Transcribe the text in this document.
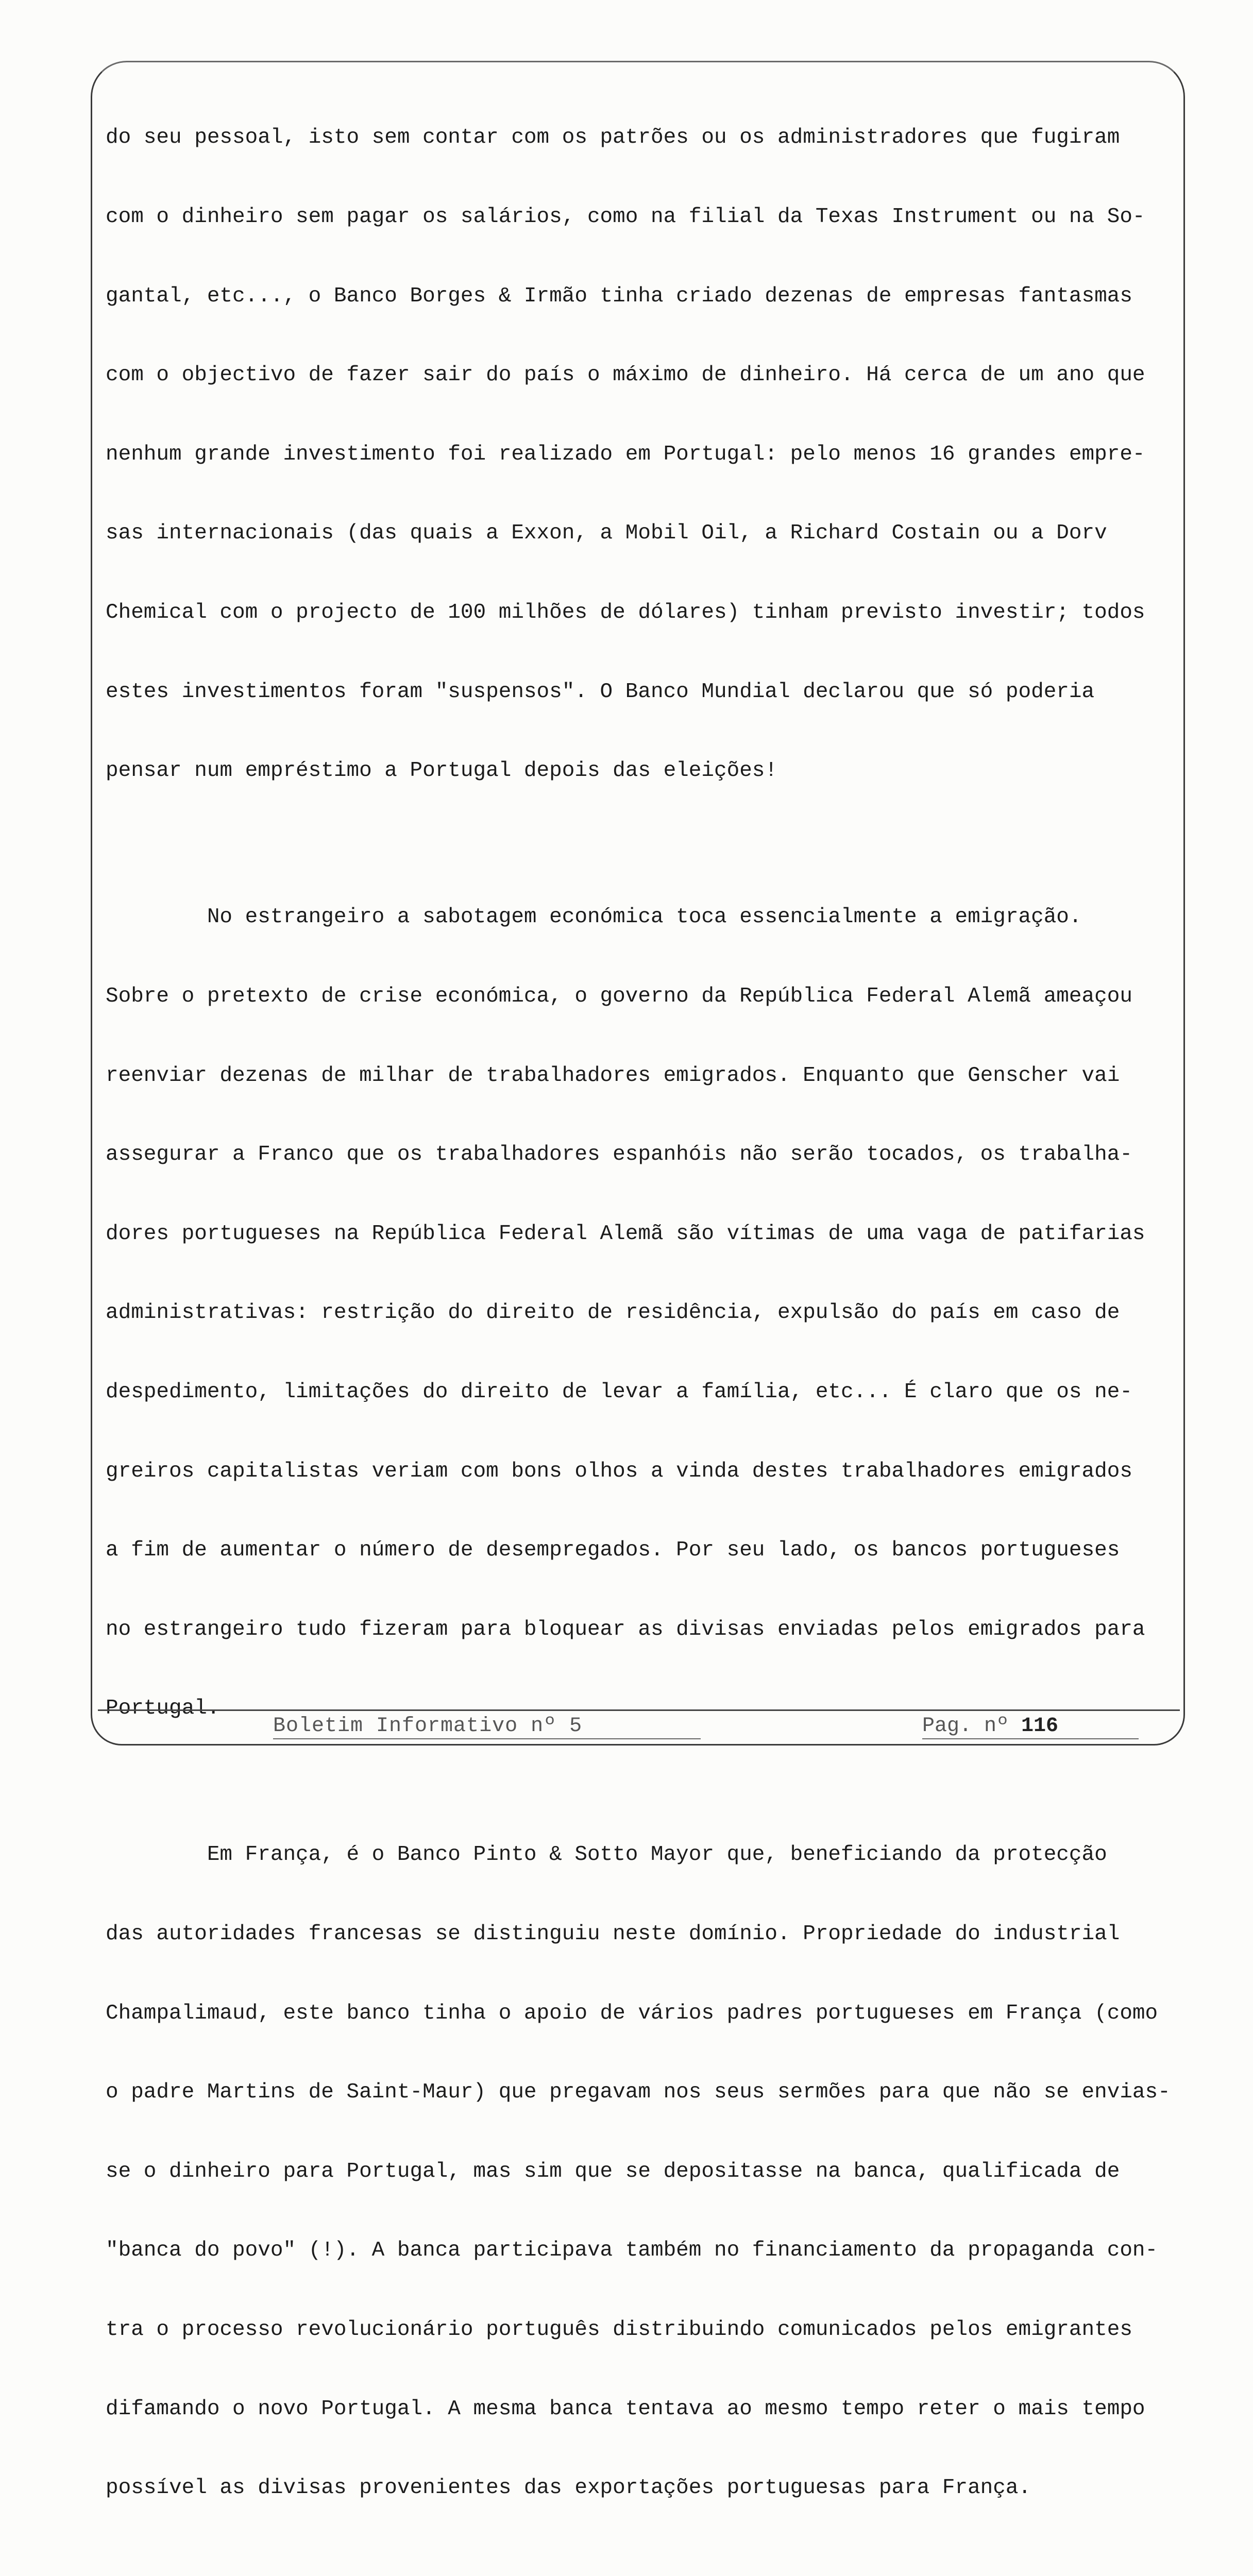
do seu pessoal, isto sem contar com os patrões ou os administradores que fugiram

com o dinheiro sem pagar os salários, como na filial da Texas Instrument ou na So-

gantal, etc..., o Banco Borges & Irmão tinha criado dezenas de empresas fantasmas

com o objectivo de fazer sair do país o máximo de dinheiro. Há cerca de um ano que

nenhum grande investimento foi realizado em Portugal: pelo menos 16 grandes empre-

sas internacionais (das quais a Exxon, a Mobil Oil, a Richard Costain ou a Dorv

Chemical com o projecto de 100 milhões de dólares) tinham previsto investir; todos

estes investimentos foram "suspensos". O Banco Mundial declarou que só poderia

pensar num empréstimo a Portugal depois das eleições!

No estrangeiro a sabotagem económica toca essencialmente a emigração.

Sobre o pretexto de crise económica, o governo da República Federal Alemã ameaçou

reenviar dezenas de milhar de trabalhadores emigrados. Enquanto que Genscher vai

assegurar a Franco que os trabalhadores espanhóis não serão tocados, os trabalha-

dores portugueses na República Federal Alemã são vítimas de uma vaga de patifarias

administrativas: restrição do direito de residência, expulsão do país em caso de

despedimento, limitações do direito de levar a família, etc... É claro que os ne-

greiros capitalistas veriam com bons olhos a vinda destes trabalhadores emigrados

a fim de aumentar o número de desempregados. Por seu lado, os bancos portugueses

no estrangeiro tudo fizeram para bloquear as divisas enviadas pelos emigrados para

Portugal.

Em França, é o Banco Pinto & Sotto Mayor que, beneficiando da protecção

das autoridades francesas se distinguiu neste domínio. Propriedade do industrial

Champalimaud, este banco tinha o apoio de vários padres portugueses em França (como

o padre Martins de Saint-Maur) que pregavam nos seus sermões para que não se envias-

se o dinheiro para Portugal, mas sim que se depositasse na banca, qualificada de

"banca do povo" (!). A banca participava também no financiamento da propaganda con-

tra o processo revolucionário português distribuindo comunicados pelos emigrantes

difamando o novo Portugal. A mesma banca tentava ao mesmo tempo reter o mais tempo

possível as divisas provenientes das exportações portuguesas para França.

Boletim Informativo nº 5	Pag. nº 116
